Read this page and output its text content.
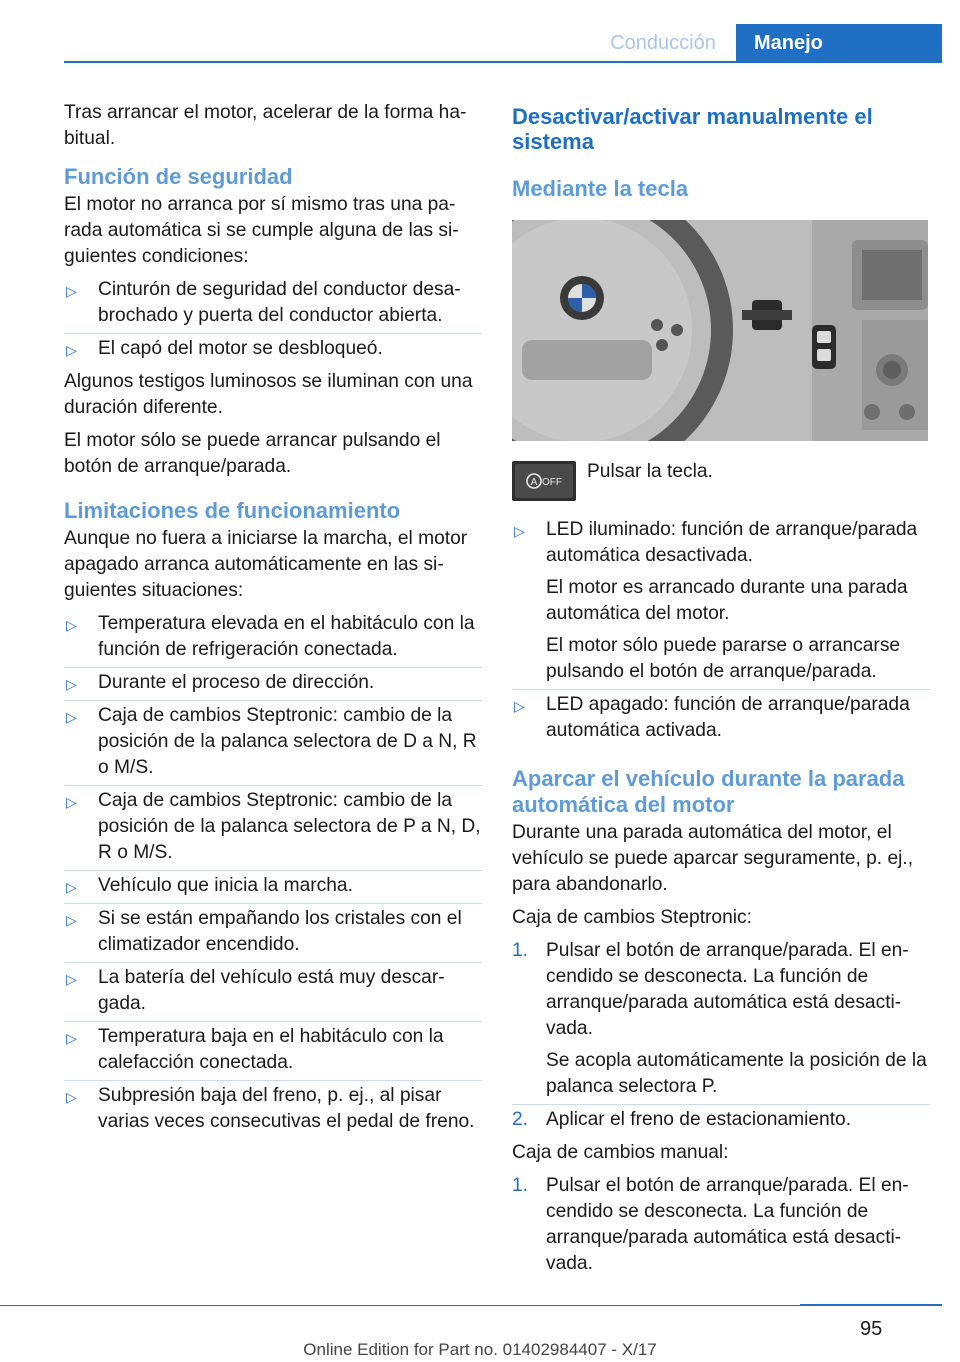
Conducción	Manejo

Tras arrancar el motor, acelerar de la forma ha-bitual.

Función de seguridad

El motor no arranca por sí mismo tras una pa-rada automática si se cumple alguna de las si-guientes condiciones:

▷ Cinturón de seguridad del conductor desa-brochado y puerta del conductor abierta.
▷ El capó del motor se desbloqueó.

Algunos testigos luminosos se iluminan con una duración diferente.

El motor sólo se puede arrancar pulsando el botón de arranque/parada.

Limitaciones de funcionamiento

Aunque no fuera a iniciarse la marcha, el motor apagado arranca automáticamente en las si-guientes situaciones:

▷ Temperatura elevada en el habitáculo con la función de refrigeración conectada.
▷ Durante el proceso de dirección.
▷ Caja de cambios Steptronic: cambio de la posición de la palanca selectora de D a N, R o M/S.
▷ Caja de cambios Steptronic: cambio de la posición de la palanca selectora de P a N, D, R o M/S.
▷ Vehículo que inicia la marcha.
▷ Si se están empañando los cristales con el climatizador encendido.
▷ La batería del vehículo está muy descar-gada.
▷ Temperatura baja en el habitáculo con la calefacción conectada.
▷ Subpresión baja del freno, p. ej., al pisar varias veces consecutivas el pedal de freno.
Desactivar/activar manualmente el sistema
Mediante la tecla
A OFF
Pulsar la tecla.
▷ LED iluminado: función de arranque/parada automática desactivada.
El motor es arrancado durante una parada automática del motor.
El motor sólo puede pararse o arrancarse pulsando el botón de arranque/parada.
▷ LED apagado: función de arranque/parada automática activada.
Aparcar el vehículo durante la parada automática del motor

Durante una parada automática del motor, el vehículo se puede aparcar seguramente, p. ej., para abandonarlo.

Caja de cambios Steptronic:

1. Pulsar el botón de arranque/parada. El en-cendido se desconecta. La función de arranque/parada automática está desacti-vada.
Se acopla automáticamente la posición de la palanca selectora P.
2. Aplicar el freno de estacionamiento.

Caja de cambios manual:

1. Pulsar el botón de arranque/parada. El en-cendido se desconecta. La función de arranque/parada automática está desacti-vada.
95
Online Edition for Part no. 01402984407 - X/17
